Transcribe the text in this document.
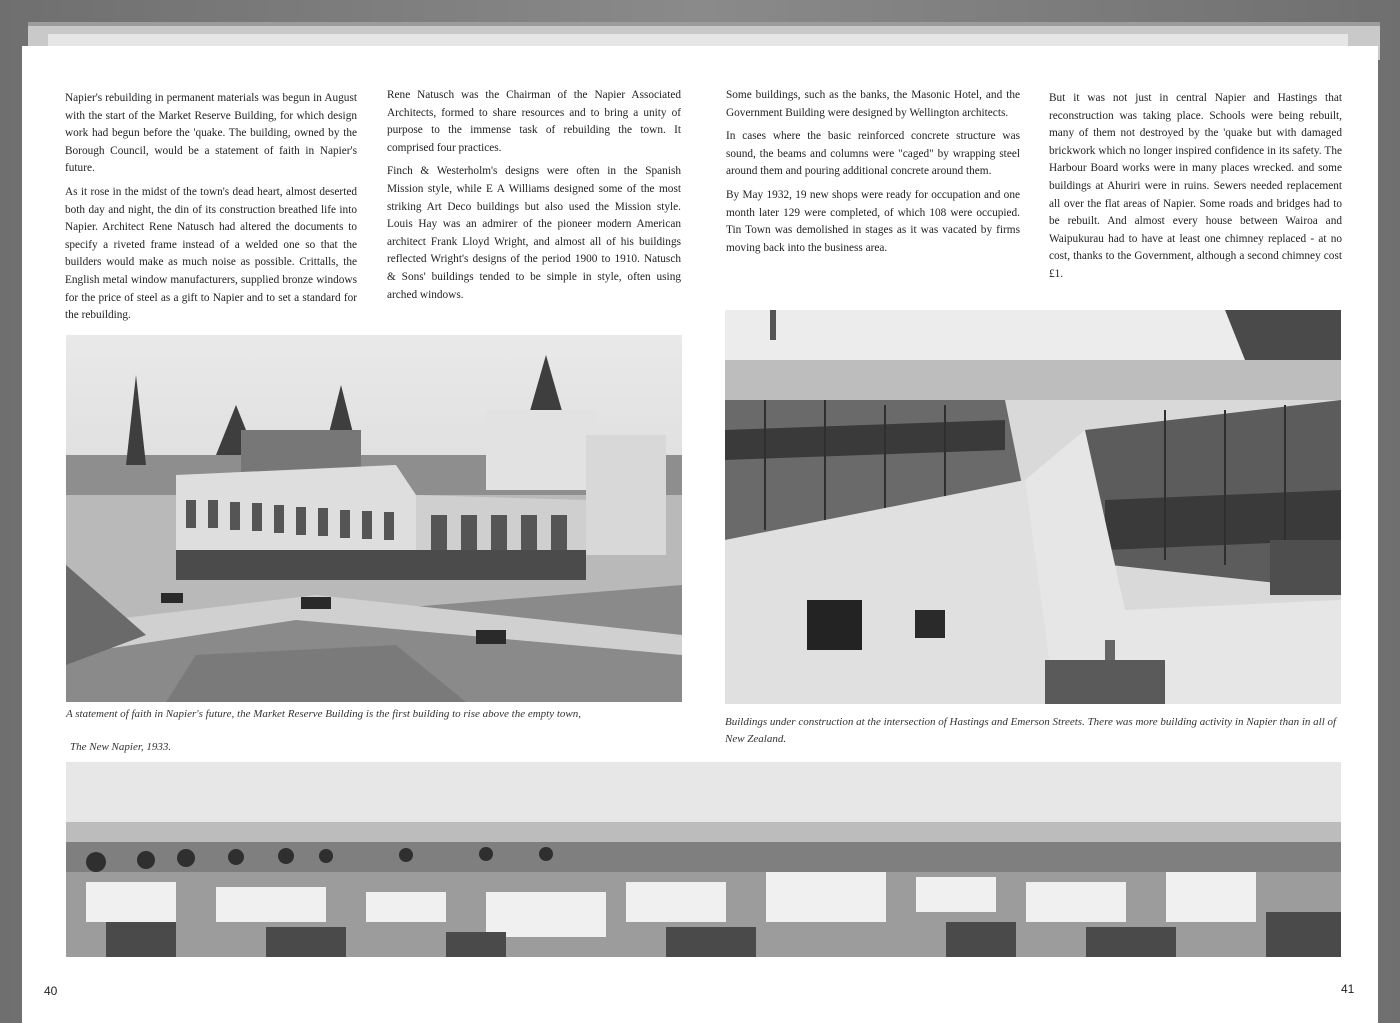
Napier's rebuilding in permanent materials was begun in August with the start of the Market Reserve Building, for which design work had begun before the 'quake. The building, owned by the Borough Council, would be a statement of faith in Napier's future.

As it rose in the midst of the town's dead heart, almost deserted both day and night, the din of its construction breathed life into Napier. Architect Rene Natusch had altered the documents to specify a riveted frame instead of a welded one so that the builders would make as much noise as possible. Crittalls, the English metal window manufacturers, supplied bronze windows for the price of steel as a gift to Napier and to set a standard for the rebuilding.

Rene Natusch was the Chairman of the Napier Associated Architects, formed to share resources and to bring a unity of purpose to the immense task of rebuilding the town. It comprised four practices.

Finch & Westerholm's designs were often in the Spanish Mission style, while E A Williams designed some of the most striking Art Deco buildings but also used the Mission style. Louis Hay was an admirer of the pioneer modern American architect Frank Lloyd Wright, and almost all of his buildings reflected Wright's designs of the period 1900 to 1910. Natusch & Sons' buildings tended to be simple in style, often using arched windows.

Some buildings, such as the banks, the Masonic Hotel, and the Government Building were designed by Wellington architects.

In cases where the basic reinforced concrete structure was sound, the beams and columns were "caged" by wrapping steel around them and pouring additional concrete around them.

By May 1932, 19 new shops were ready for occupation and one month later 129 were completed, of which 108 were occupied. Tin Town was demolished in stages as it was vacated by firms moving back into the business area.

But it was not just in central Napier and Hastings that reconstruction was taking place. Schools were being rebuilt, many of them not destroyed by the 'quake but with damaged brickwork which no longer inspired confidence in its safety. The Harbour Board works were in many places wrecked. and some buildings at Ahuriri were in ruins. Sewers needed replacement all over the flat areas of Napier. Some roads and bridges had to be rebuilt. And almost every house between Wairoa and Waipukurau had to have at least one chimney replaced - at no cost, thanks to the Government, although a second chimney cost £1.

A statement of faith in Napier's future, the Market Reserve Building is the first building to rise above the empty town,
The New Napier, 1933.
Buildings under construction at the intersection of Hastings and Emerson Streets. There was more building activity in Napier than in all of New Zealand.
40	41
